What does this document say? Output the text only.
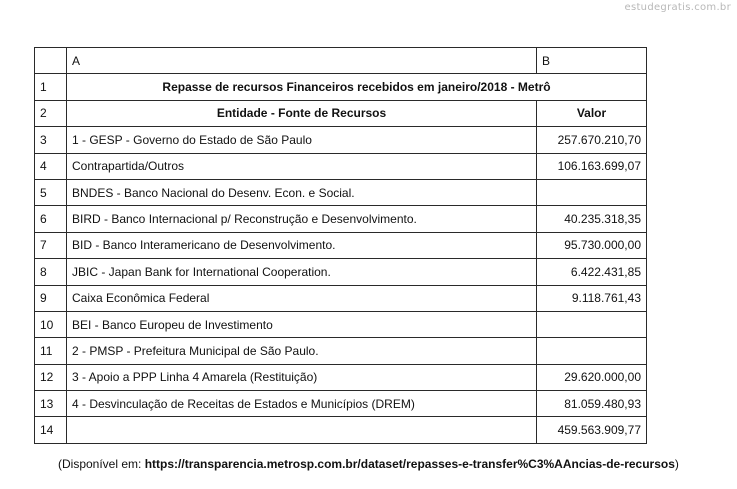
estudegratis.com.br
	A	B
1	Repasse de recursos Financeiros recebidos em janeiro/2018 - Metrô	
2	Entidade - Fonte de Recursos	Valor
3	1 - GESP - Governo do Estado de São Paulo	257.670.210,70
4	Contrapartida/Outros	106.163.699,07
5	BNDES - Banco Nacional do Desenv. Econ. e Social.	
6	BIRD - Banco Internacional p/ Reconstrução e Desenvolvimento.	40.235.318,35
7	BID - Banco Interamericano de Desenvolvimento.	95.730.000,00
8	JBIC - Japan Bank for International Cooperation.	6.422.431,85
9	Caixa Econômica Federal	9.118.761,43
10	BEI - Banco Europeu de Investimento	
11	2 - PMSP - Prefeitura Municipal de São Paulo.	
12	3 - Apoio a PPP Linha 4 Amarela (Restituição)	29.620.000,00
13	4 - Desvinculação de Receitas de Estados e Municípios (DREM)	81.059.480,93
14		459.563.909,77
(Disponível em: https://transparencia.metrosp.com.br/dataset/repasses-e-transfer%C3%AAncias-de-recursos)
